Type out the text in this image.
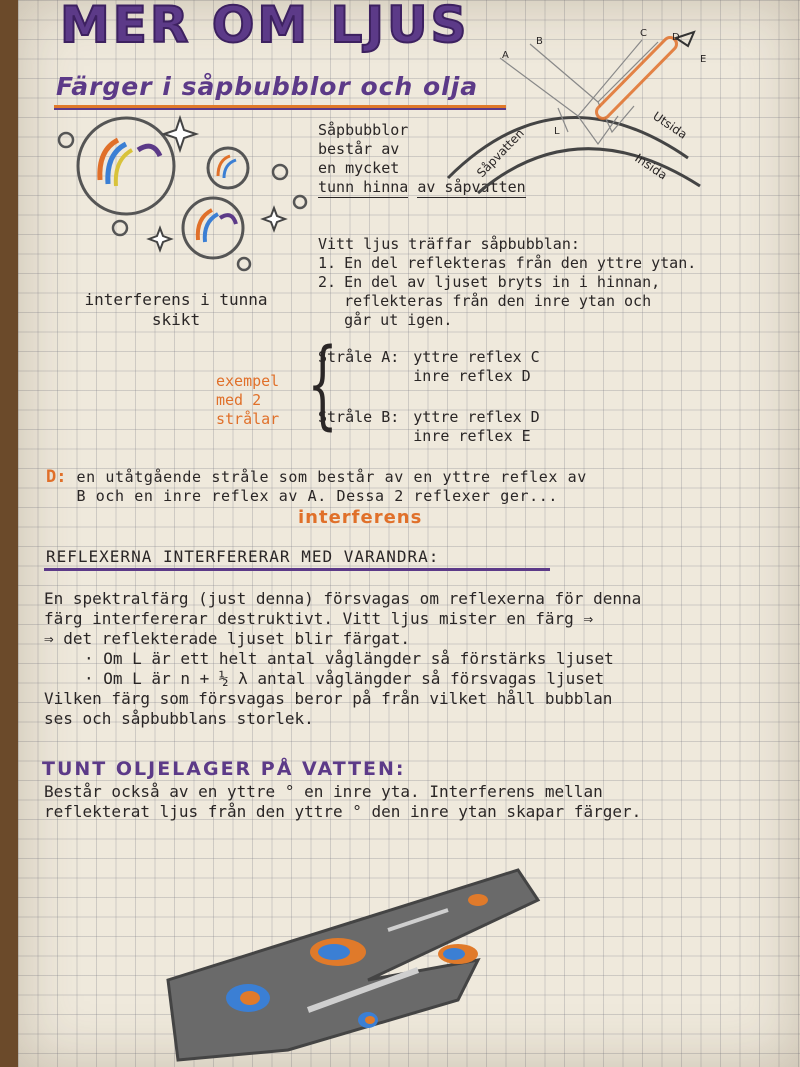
MER OM LJUS
Färger i såpbubblor och olja
Såpbubblor
består av
en mycket
tunn hinna av såpvatten
A
B
C	D
E
L	Utsida
Såpvatten	Insida
interferens i tunna
skikt
Vitt ljus träffar såpbubblan:
1. En del reflekteras från den yttre ytan.
2. En del av ljuset bryts in i hinnan,
reflekteras från den inre ytan och
går ut igen.
exempel
med 2
strålar {
Stråle A: yttre reflex C
inre reflex D
Stråle B: yttre reflex D
inre reflex E
D: en utåtgående stråle som består av en yttre reflex av
B och en inre reflex av A. Dessa 2 reflexer ger...
interferens
REFLEXERNA INTERFERERAR MED VARANDRA:
En spektralfärg (just denna) försvagas om reflexerna för denna
färg interfererar destruktivt. Vitt ljus mister en färg ⇒
⇒ det reflekterade ljuset blir färgat.
· Om L är ett helt antal våglängder så förstärks ljuset
· Om L är n + ½ λ antal våglängder så försvagas ljuset
Vilken färg som försvagas beror på från vilket håll bubblan
ses och såpbubblans storlek.
TUNT OLJELAGER PÅ VATTEN:
Består också av en yttre ° en inre yta. Interferens mellan
reflekterat ljus från den yttre ° den inre ytan skapar färger.
